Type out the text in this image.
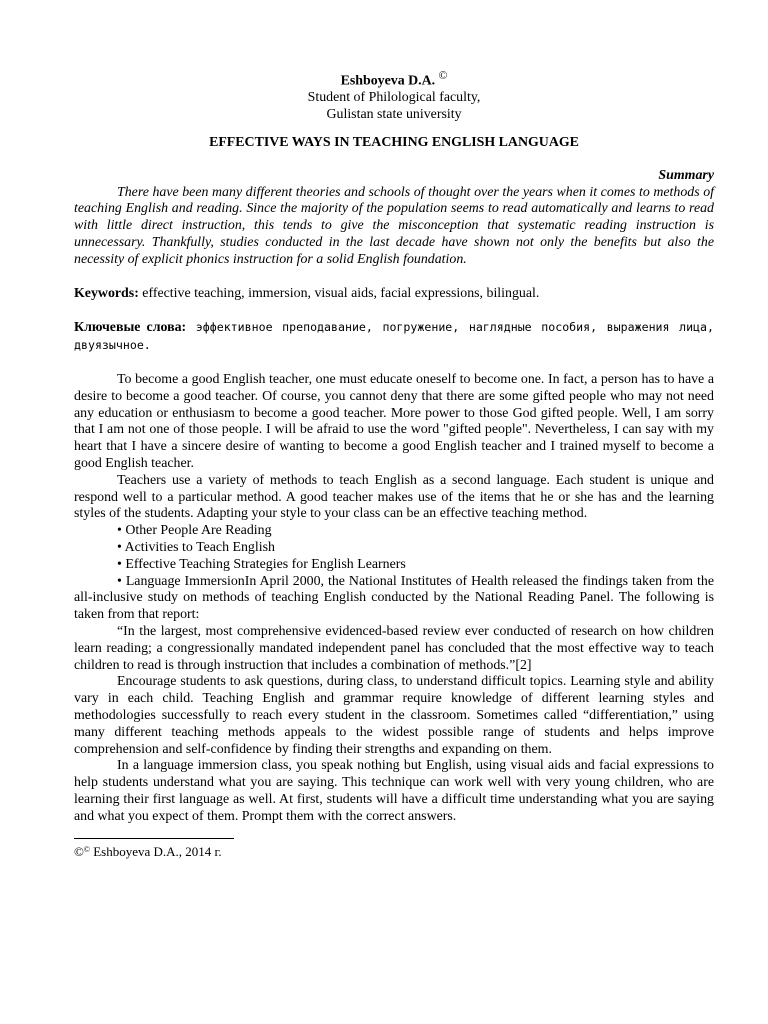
Eshboyeva D.A. ©
Student of Philological faculty,
Gulistan state university
EFFECTIVE WAYS IN TEACHING ENGLISH LANGUAGE
Summary
There have been many different theories and schools of thought over the years when it comes to methods of teaching English and reading. Since the majority of the population seems to read automatically and learns to read with little direct instruction, this tends to give the misconception that systematic reading instruction is unnecessary. Thankfully, studies conducted in the last decade have shown not only the benefits but also the necessity of explicit phonics instruction for a solid English foundation.
Keywords: effective teaching, immersion, visual aids, facial expressions, bilingual.
Ключевые слова: эффективное преподавание, погружение, наглядные пособия, выражения лица, двуязычное.

To become a good English teacher, one must educate oneself to become one. In fact, a person has to have a desire to become a good teacher. Of course, you cannot deny that there are some gifted people who may not need any education or enthusiasm to become a good teacher. More power to those God gifted people. Well, I am sorry that I am not one of those people. I will be afraid to use the word "gifted people". Nevertheless, I can say with my heart that I have a sincere desire of wanting to become a good English teacher and I trained myself to become a good English teacher.

Teachers use a variety of methods to teach English as a second language. Each student is unique and respond well to a particular method. A good teacher makes use of the items that he or she has and the learning styles of the students. Adapting your style to your class can be an effective teaching method.

• Other People Are Reading

• Activities to Teach English

• Effective Teaching Strategies for English Learners

• Language ImmersionIn April 2000, the National Institutes of Health released the findings taken from the all-inclusive study on methods of teaching English conducted by the National Reading Panel. The following is taken from that report:

“In the largest, most comprehensive evidenced-based review ever conducted of research on how children learn reading; a congressionally mandated independent panel has concluded that the most effective way to teach children to read is through instruction that includes a combination of methods.”[2]

Encourage students to ask questions, during class, to understand difficult topics. Learning style and ability vary in each child. Teaching English and grammar require knowledge of different learning styles and methodologies successfully to reach every student in the classroom. Sometimes called “differentiation,” using many different teaching methods appeals to the widest possible range of students and helps improve comprehension and self-confidence by finding their strengths and expanding on them.

In a language immersion class, you speak nothing but English, using visual aids and facial expressions to help students understand what you are saying. This technique can work well with very young children, who are learning their first language as well. At first, students will have a difficult time understanding what you are saying and what you expect of them. Prompt them with the correct answers.

©© Eshboyeva D.A., 2014 г.
